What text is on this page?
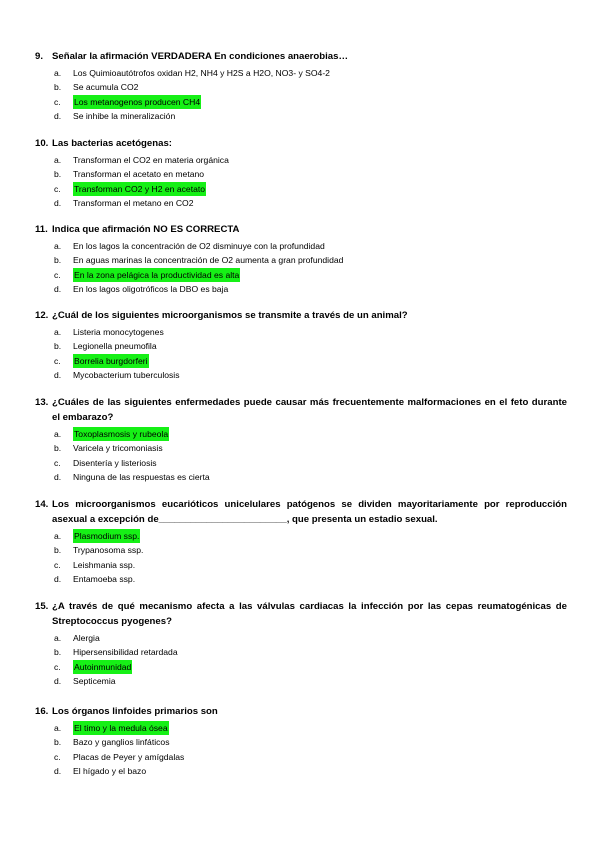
9. Señalar la afirmación VERDADERA En condiciones anaerobias…
a.	Los Quimioautótrofos oxidan H2, NH4 y H2S a H2O, NO3- y SO4-2
b.	Se acumula CO2
c.	Los metanogenos producen CH4
d.	Se inhibe la mineralización
10. Las bacterias acetógenas:
a.	Transforman el CO2 en materia orgánica
b.	Transforman el acetato en metano
c.	Transforman CO2 y H2 en acetato
d.	Transforman el metano en CO2
11. Indica que afirmación NO ES CORRECTA
a.	En los lagos la concentración de O2 disminuye con la profundidad
b.	En aguas marinas la concentración de O2 aumenta a gran profundidad
c.	En la zona pelágica la productividad es alta
d.	En los lagos oligotróficos la DBO es baja
12. ¿Cuál de los siguientes microorganismos se transmite a través de un animal?
a.	Listeria monocytogenes
b.	Legionella pneumofila
c.	Borrelia burgdorferi
d.	Mycobacterium tuberculosis
13. ¿Cuáles de las siguientes enfermedades puede causar más frecuentemente malformaciones en el feto durante el embarazo?
a.	Toxoplasmosis y rubeola
b.	Varicela y tricomoniasis
c.	Disentería y listeriosis
d.	Ninguna de las respuestas es cierta
14. Los microorganismos eucarióticos unicelulares patógenos se dividen mayoritariamente por reproducción asexual a excepción de________________________, que presenta un estadio sexual.
a.	Plasmodium ssp.
b.	Trypanosoma ssp.
c.	Leishmania ssp.
d.	Entamoeba ssp.
15. ¿A través de qué mecanismo afecta a las válvulas cardiacas la infección por las cepas reumatogénicas de Streptococcus pyogenes?
a.	Alergia
b.	Hipersensibilidad retardada
c.	Autoinmunidad
d.	Septicemia
16. Los órganos linfoides primarios son
a.	El timo y la medula ósea
b.	Bazo y ganglios linfáticos
c.	Placas de Peyer y amígdalas
d.	El hígado y el bazo
